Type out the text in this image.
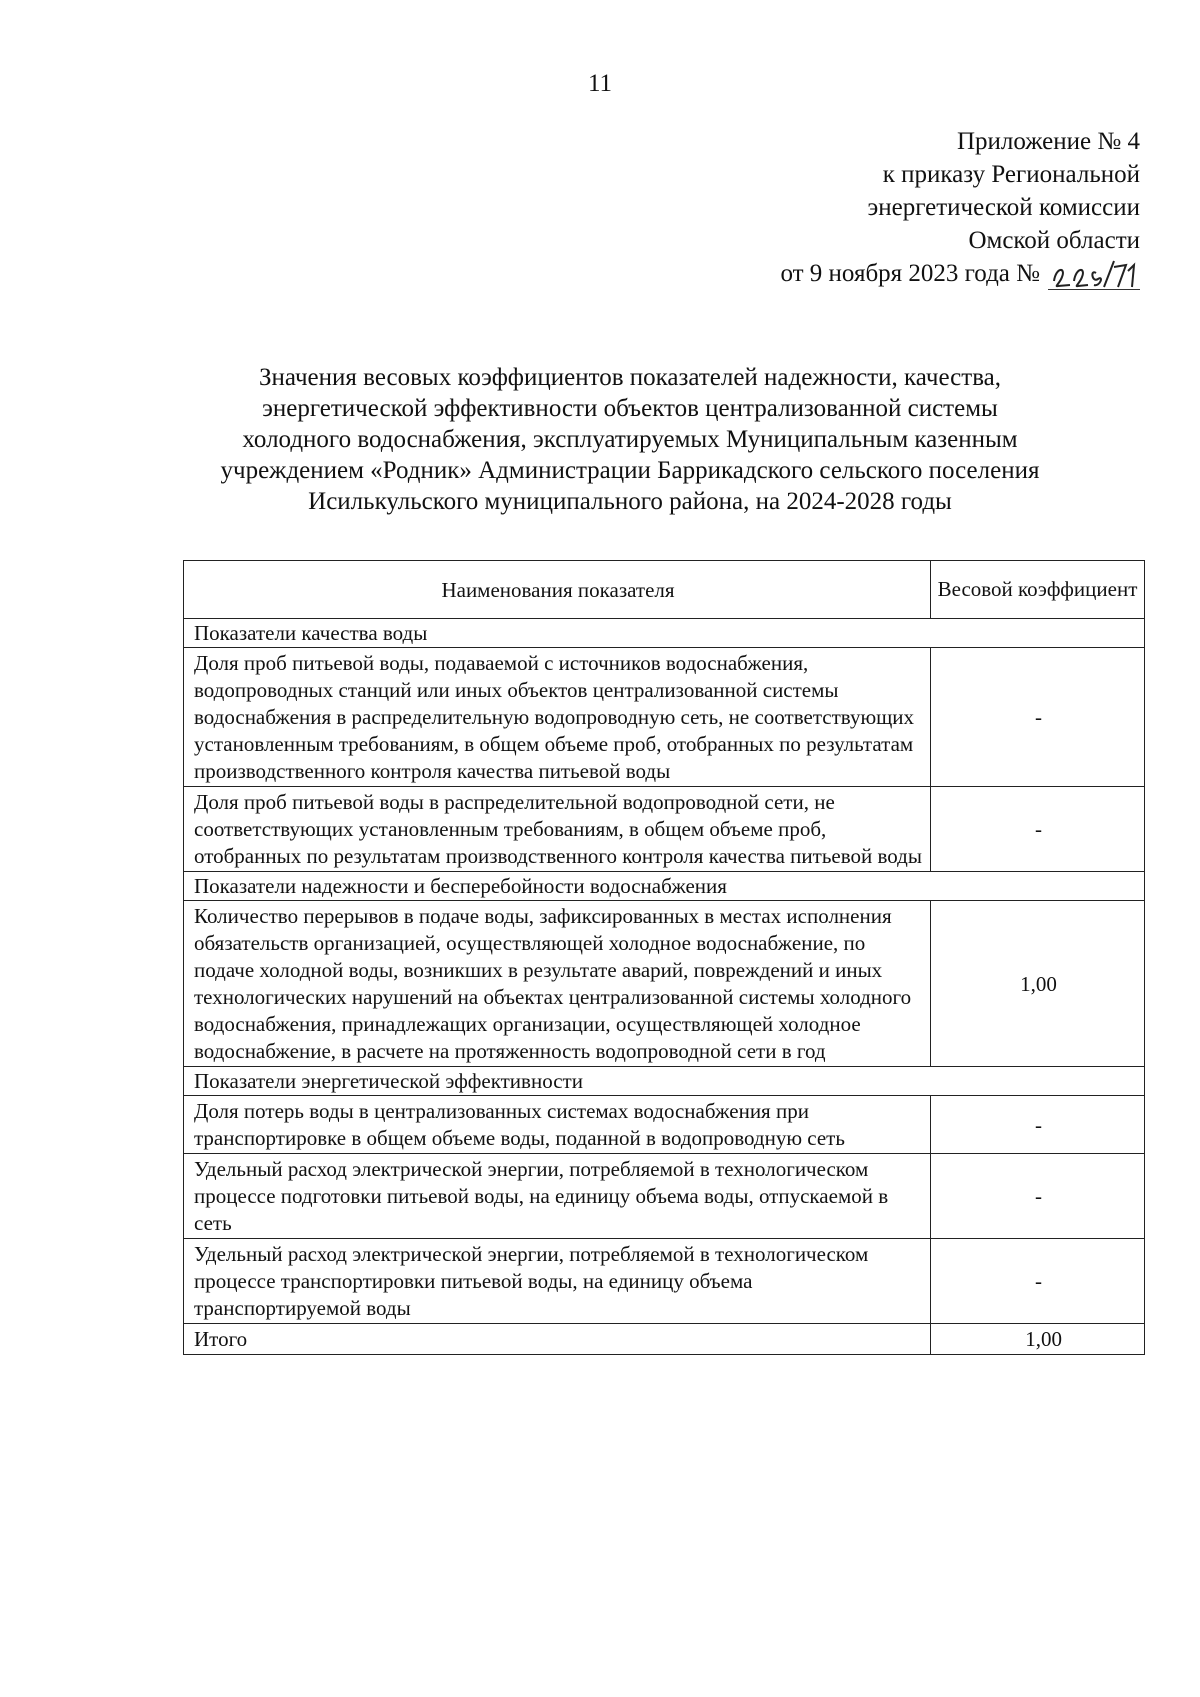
11
Приложение № 4
к приказу Региональной
энергетической комиссии
Омской области
от 9 ноября 2023 года №
Значения весовых коэффициентов показателей надежности, качества,
энергетической эффективности объектов централизованной системы
холодного водоснабжения, эксплуатируемых Муниципальным казенным
учреждением «Родник» Администрации Баррикадского сельского поселения
Исилькульского муниципального района, на 2024-2028 годы
Наименования показателя	Весовой коэффициент
Показатели качества воды	
Доля проб питьевой воды, подаваемой с источников водоснабжения, водопроводных станций или иных объектов централизованной системы водоснабжения в распределительную водопроводную сеть, не соответствующих установленным требованиям, в общем объеме проб, отобранных по результатам производственного контроля качества питьевой воды	-
Доля проб питьевой воды в распределительной водопроводной сети, не соответствующих установленным требованиям, в общем объеме проб, отобранных по результатам производственного контроля качества питьевой воды	-
Показатели надежности и бесперебойности водоснабжения	
Количество перерывов в подаче воды, зафиксированных в местах исполнения обязательств организацией, осуществляющей холодное водоснабжение, по подаче холодной воды, возникших в результате аварий, повреждений и иных технологических нарушений на объектах централизованной системы холодного водоснабжения, принадлежащих организации, осуществляющей холодное водоснабжение, в расчете на протяженность водопроводной сети в год	1,00
Показатели энергетической эффективности	
Доля потерь воды в централизованных системах водоснабжения при транспортировке в общем объеме воды, поданной в водопроводную сеть	-
Удельный расход электрической энергии, потребляемой в технологическом процессе подготовки питьевой воды, на единицу объема воды, отпускаемой в сеть	-
Удельный расход электрической энергии, потребляемой в технологическом процессе транспортировки питьевой воды, на единицу объема транспортируемой воды	-
Итого	1,00
